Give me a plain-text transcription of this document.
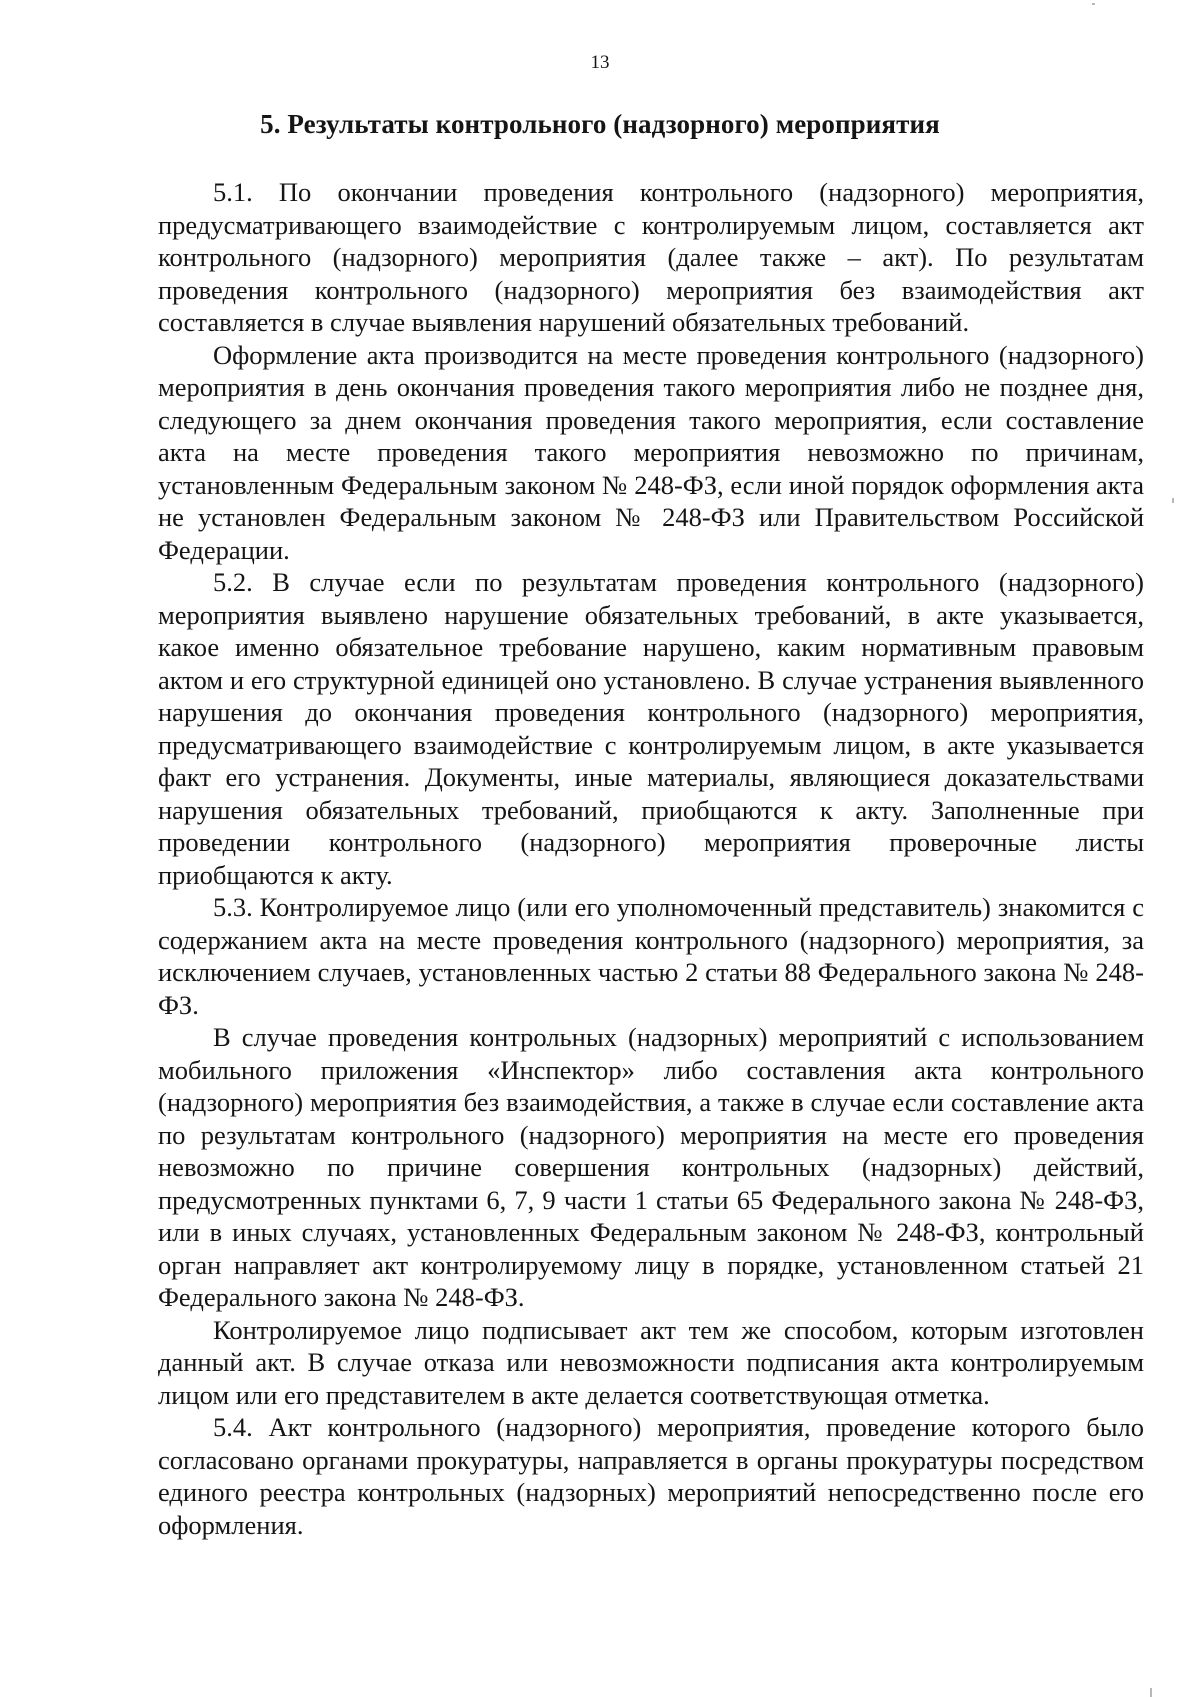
13
5. Результаты контрольного (надзорного) мероприятия

5.1. По окончании проведения контрольного (надзорного) мероприятия, предусматривающего взаимодействие с контролируемым лицом, составляется акт контрольного (надзорного) мероприятия (далее также – акт). По результатам проведения контрольного (надзорного) мероприятия без взаимодействия акт составляется в случае выявления нарушений обязательных требований.

Оформление акта производится на месте проведения контрольного (надзорного) мероприятия в день окончания проведения такого мероприятия либо не позднее дня, следующего за днем окончания проведения такого мероприятия, если составление акта на месте проведения такого мероприятия невозможно по причинам, установленным Федеральным законом № 248-ФЗ, если иной порядок оформления акта не установлен Федеральным законом № 248-ФЗ или Правительством Российской Федерации.

5.2. В случае если по результатам проведения контрольного (надзорного) мероприятия выявлено нарушение обязательных требований, в акте указывается, какое именно обязательное требование нарушено, каким нормативным правовым актом и его структурной единицей оно установлено. В случае устранения выявленного нарушения до окончания проведения контрольного (надзорного) мероприятия, предусматривающего взаимодействие с контролируемым лицом, в акте указывается факт его устранения. Документы, иные материалы, являющиеся доказательствами нарушения обязательных требований, приобщаются к акту. Заполненные при проведении контрольного (надзорного) мероприятия проверочные листы приобщаются к акту.

5.3. Контролируемое лицо (или его уполномоченный представитель) знакомится с содержанием акта на месте проведения контрольного (надзорного) мероприятия, за исключением случаев, установленных частью 2 статьи 88 Федерального закона № 248-ФЗ.

В случае проведения контрольных (надзорных) мероприятий с использованием мобильного приложения «Инспектор» либо составления акта контрольного (надзорного) мероприятия без взаимодействия, а также в случае если составление акта по результатам контрольного (надзорного) мероприятия на месте его проведения невозможно по причине совершения контрольных (надзорных) действий, предусмотренных пунктами 6, 7, 9 части 1 статьи 65 Федерального закона № 248-ФЗ, или в иных случаях, установленных Федеральным законом № 248-ФЗ, контрольный орган направляет акт контролируемому лицу в порядке, установленном статьей 21 Федерального закона № 248-ФЗ.

Контролируемое лицо подписывает акт тем же способом, которым изготовлен данный акт. В случае отказа или невозможности подписания акта контролируемым лицом или его представителем в акте делается соответствующая отметка.

5.4. Акт контрольного (надзорного) мероприятия, проведение которого было согласовано органами прокуратуры, направляется в органы прокуратуры посредством единого реестра контрольных (надзорных) мероприятий непосредственно после его оформления.
